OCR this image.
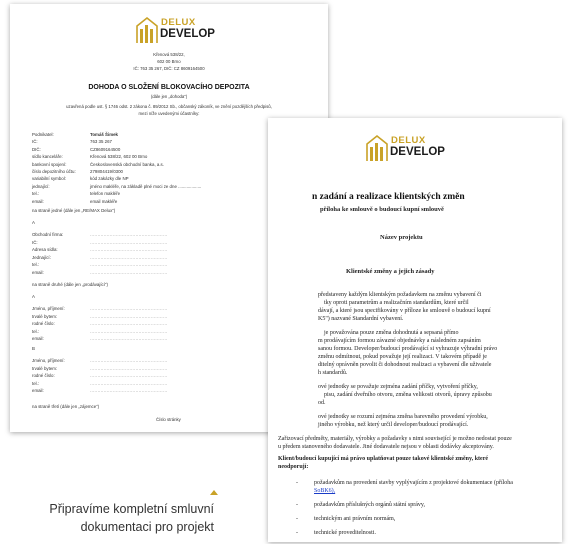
DELUX
DEVELOP
Křenová 538/22,
602 00 Brno
IČ: 763 35 267, DIČ: CZ 8609164500
DOHODA O SLOŽENÍ BLOKOVACÍHO DEPOZITA
(dále jen „dohoda“)
uzavřená podle ust. § 1746 odst. 2 zákona č. 89/2012 Sb., občanský zákoník, ve znění pozdějších předpisů,
mezi níže uvedenými účastníky:
Podnikatel:	Tomáš Šimek
IČ:	763 35 267
DIČ:	CZ8609164500
sídlo kanceláře:	Křenová 538/22, 602 00 Brno
bankovní spojení:	Československá obchodní banka, a.s.
číslo depozitního účtu:	279804419/0300
variabilní symbol:	kód zakázky dle NP
jednající:	jméno makléře, na základě plné moci ze dne ...................
tel.:	telefon makléře
email:	email makléře
na straně jedné (dále jen „RE/MAX Delux“)
A
Obchodní firma:	...................................................
IČ:	...................................................
Adresa sídla:	...................................................
Jednající:	...................................................
tel.:	...................................................
email:	...................................................
na straně druhé (dále jen „prodávající“)
A
Jméno, příjmení:	...................................................
trvalé bytem:	...................................................
rodné číslo:	...................................................
tel.:	...................................................
email:	...................................................
B
Jméno, příjmení:	...................................................
trvalé bytem:	...................................................
rodné číslo:	...................................................
tel.:	...................................................
email:	...................................................
na straně třetí (dále jen „zájemce“)
Číslo stránky
DELUX
DEVELOP
n zadání a realizace klientských změn
příloha ke smlouvě o budoucí kupní smlouvě
Název projektu
Klientské změny a jejich zásady
představeny každým klientským požadavkem na změnu vybavení či
tky oproti parametrům a realizačním standardům, které určil
dávají, a které jsou specifikovány v příloze ke smlouvě o budoucí kupní
K5") nazvané Standardní vybavení.
je považována pouze změna dohodnutá a sepsaná přímo
m prodávajícím formou závazné objednávky a následném zapsáním
sanou formou. Developer/budoucí prodávající si vyhrazuje výhradní právo
změnu odmítnout, pokud považuje její realizaci. V takovém případě je
ditelný oprávněn povolit či dohodnout realizaci a vybavení dle uživatele
h standardů.
ové jednotky se považuje zejména zadání příčky, vytvoření příčky,
pisu, zadání dveřního otvoru, změna velikosti otvorů, úpravy způsobu
od.
ové jednotky se rozumí zejména změna barevného provedení výrobku,
jiného výrobku, než který určil developer/budoucí prodávající.
Zařizovací předměty, materiály, výrobky a požadavky s nimi související je možno nedostat pouze
u předem stanoveného dodavatele. Jiné dodavatele nejsou v oblasti dodávky akceptovány.
Klient/budoucí kupující má právo uplatňovat pouze takové klientské změny, které
neodporují:
požadavkům na provedení stavby vyplývajícím z projektové dokumentace (příloha
SoBK6),
požadavkům příslušných orgánů státní správy,
technickým ani právním normám,
technické proveditelnosti.
-
-
-
-
Připravíme kompletní smluvní
dokumentaci pro projekt
